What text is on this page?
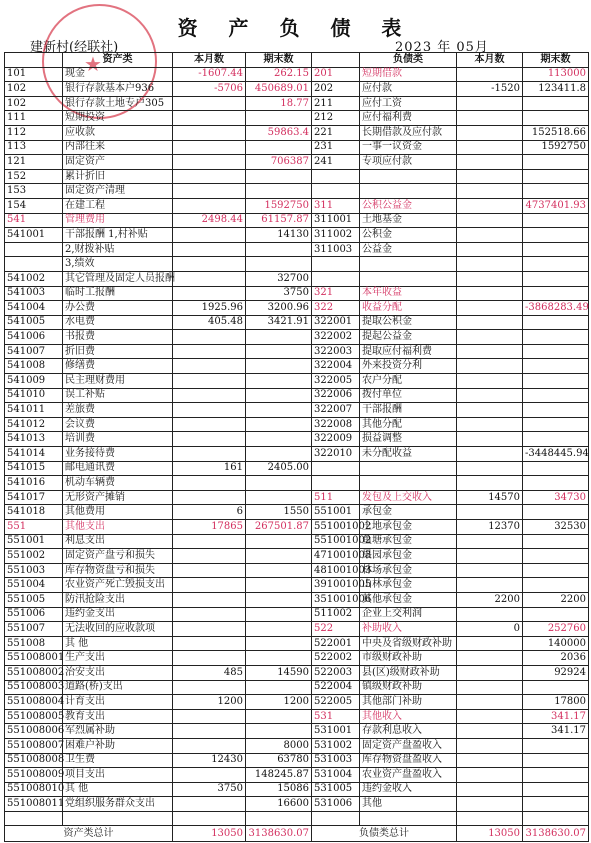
资 产 负 债 表
建新村(经联社)	2023 年 05月
★
	资产类	本月数	期末数		负债类	本月数	期末数
101	现金	-1607.44	262.15	201	短期借款		113000
102	银行存款基本户936	-5706	450689.01	202	应付款	-1520	123411.8
102	银行存款土地专户305		18.77	211	应付工资		
111	短期投资			212	应付福利费		
112	应收款		59863.4	221	长期借款及应付款		152518.66
113	内部往来			231	一事一议资金		1592750
121	固定资产		706387	241	专项应付款		
152	累计折旧						
153	固定资产清理						
154	在建工程		1592750	311	公积公益金		4737401.93
541	管理费用	2498.44	61157.87	311001	土地基金		
541001	干部报酬 1,村补贴		14130	311002	公积金		
	2,财拨补贴			311003	公益金		
	3,绩效						
541002	其它管理及固定人员报酬		32700				
541003	临时工报酬		3750	321	本年收益		
541004	办公费	1925.96	3200.96	322	收益分配		-3868283.49
541005	水电费	405.48	3421.91	322001	提取公积金		
541006	书报费			322002	提起公益金		
541007	折旧费			322003	提取应付福利费		
541008	修缮费			322004	外来投资分利		
541009	民主理财费用			322005	农户分配		
541010	误工补贴			322006	拨付单位		
541011	差旅费			322007	干部报酬		
541012	会议费			322008	其他分配		
541013	培训费			322009	损益调整		
541014	业务接待费			322010	未分配收益		-3448445.94
541015	邮电通讯费	161	2405.00				
541016	机动车辆费						
541017	无形资产摊销			511	发包及上交收入	14570	34730
541018	其他费用	6	1550	551001	承包金		
551	其他支出	17865	267501.87	551001002	土地承包金	12370	32530
551001	利息支出			551001002	鱼塘承包金		
551002	固定资产盘亏和损失			471001003	果园承包金		
551003	库存物资盘亏和损失			481001003	林场承包金		
551004	农业资产死亡毁损支出			391001005	山林承包金		
551005	防汛抢险支出			351001006	其他承包金	2200	2200
551006	违约金支出			511002	企业上交利润		
551007	无法收回的应收款项			522	补助收入	0	252760
551008	其 他			522001	中央及省级财政补助		140000
551008001	生产支出			522002	市级财政补助		2036
551008002	治安支出	485	14590	522003	县(区)级财政补助		92924
551008003	道路(桥)支出			522004	镇级财政补助		
551008004	计育支出	1200	1200	522005	其他部门补助		17800
551008005	教育支出			531	其他收入		341.17
551008006	军烈属补助			531001	存款利息收入		341.17
551008007	困难户补助		8000	531002	固定资产盘盈收入		
551008008	卫生费	12430	63780	531003	库存物资盘盈收入		
551008009	项目支出		148245.87	531004	农业资产盘盈收入		
551008010	其 他	3750	15086	531005	违约金收入		
551008011	党组织服务群众支出		16600	531006	其他		

资产类总计		13050	3138630.07	负债类总计		13050	3138630.07
